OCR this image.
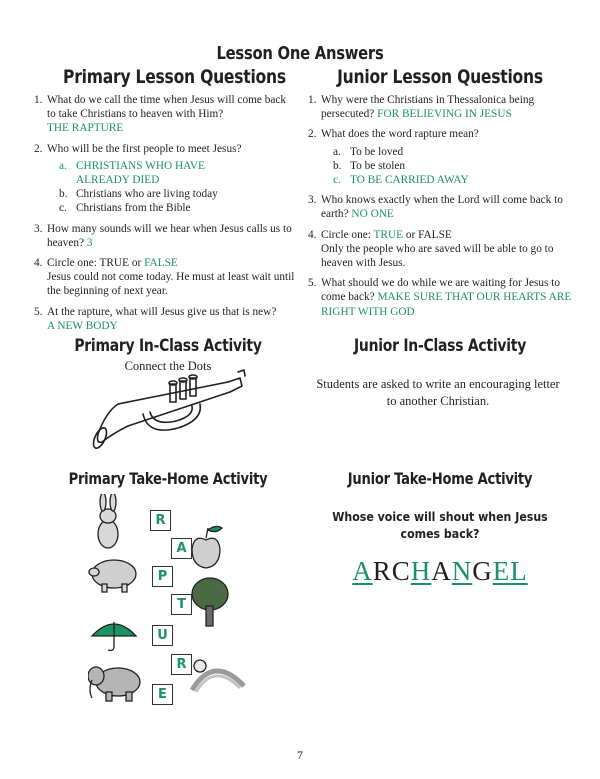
Lesson One Answers
Primary Lesson Questions	Junior Lesson Questions
1. What do we call the time when Jesus will come back to take Christians to heaven with Him?
THE RAPTURE
2. Who will be the first people to meet Jesus?
a. CHRISTIANS WHO HAVE ALREADY DIED
b. Christians who are living today
c. Christians from the Bible
3. How many sounds will we hear when Jesus calls us to heaven? 3
4. Circle one: TRUE or FALSE
Jesus could not come today. He must at least wait until the beginning of next year.
5. At the rapture, what will Jesus give us that is new?
A NEW BODY
1. Why were the Christians in Thessalonica being persecuted? FOR BELIEVING IN JESUS
2. What does the word rapture mean?
a. To be loved
b. To be stolen
c. TO BE CARRIED AWAY
3. Who knows exactly when the Lord will come back to earth? NO ONE
4. Circle one: TRUE or FALSE
Only the people who are saved will be able to go to heaven with Jesus.
5. What should we do while we are waiting for Jesus to come back? MAKE SURE THAT OUR HEARTS ARE RIGHT WITH GOD
Primary In-Class Activity	Junior In-Class Activity
Connect the Dots
Students are asked to write an encouraging letter to another Christian.
Primary Take-Home Activity	Junior Take-Home Activity
R
A
P
T
U
R
E
Whose voice will shout when Jesus comes back?
ARCHANGEL
7
